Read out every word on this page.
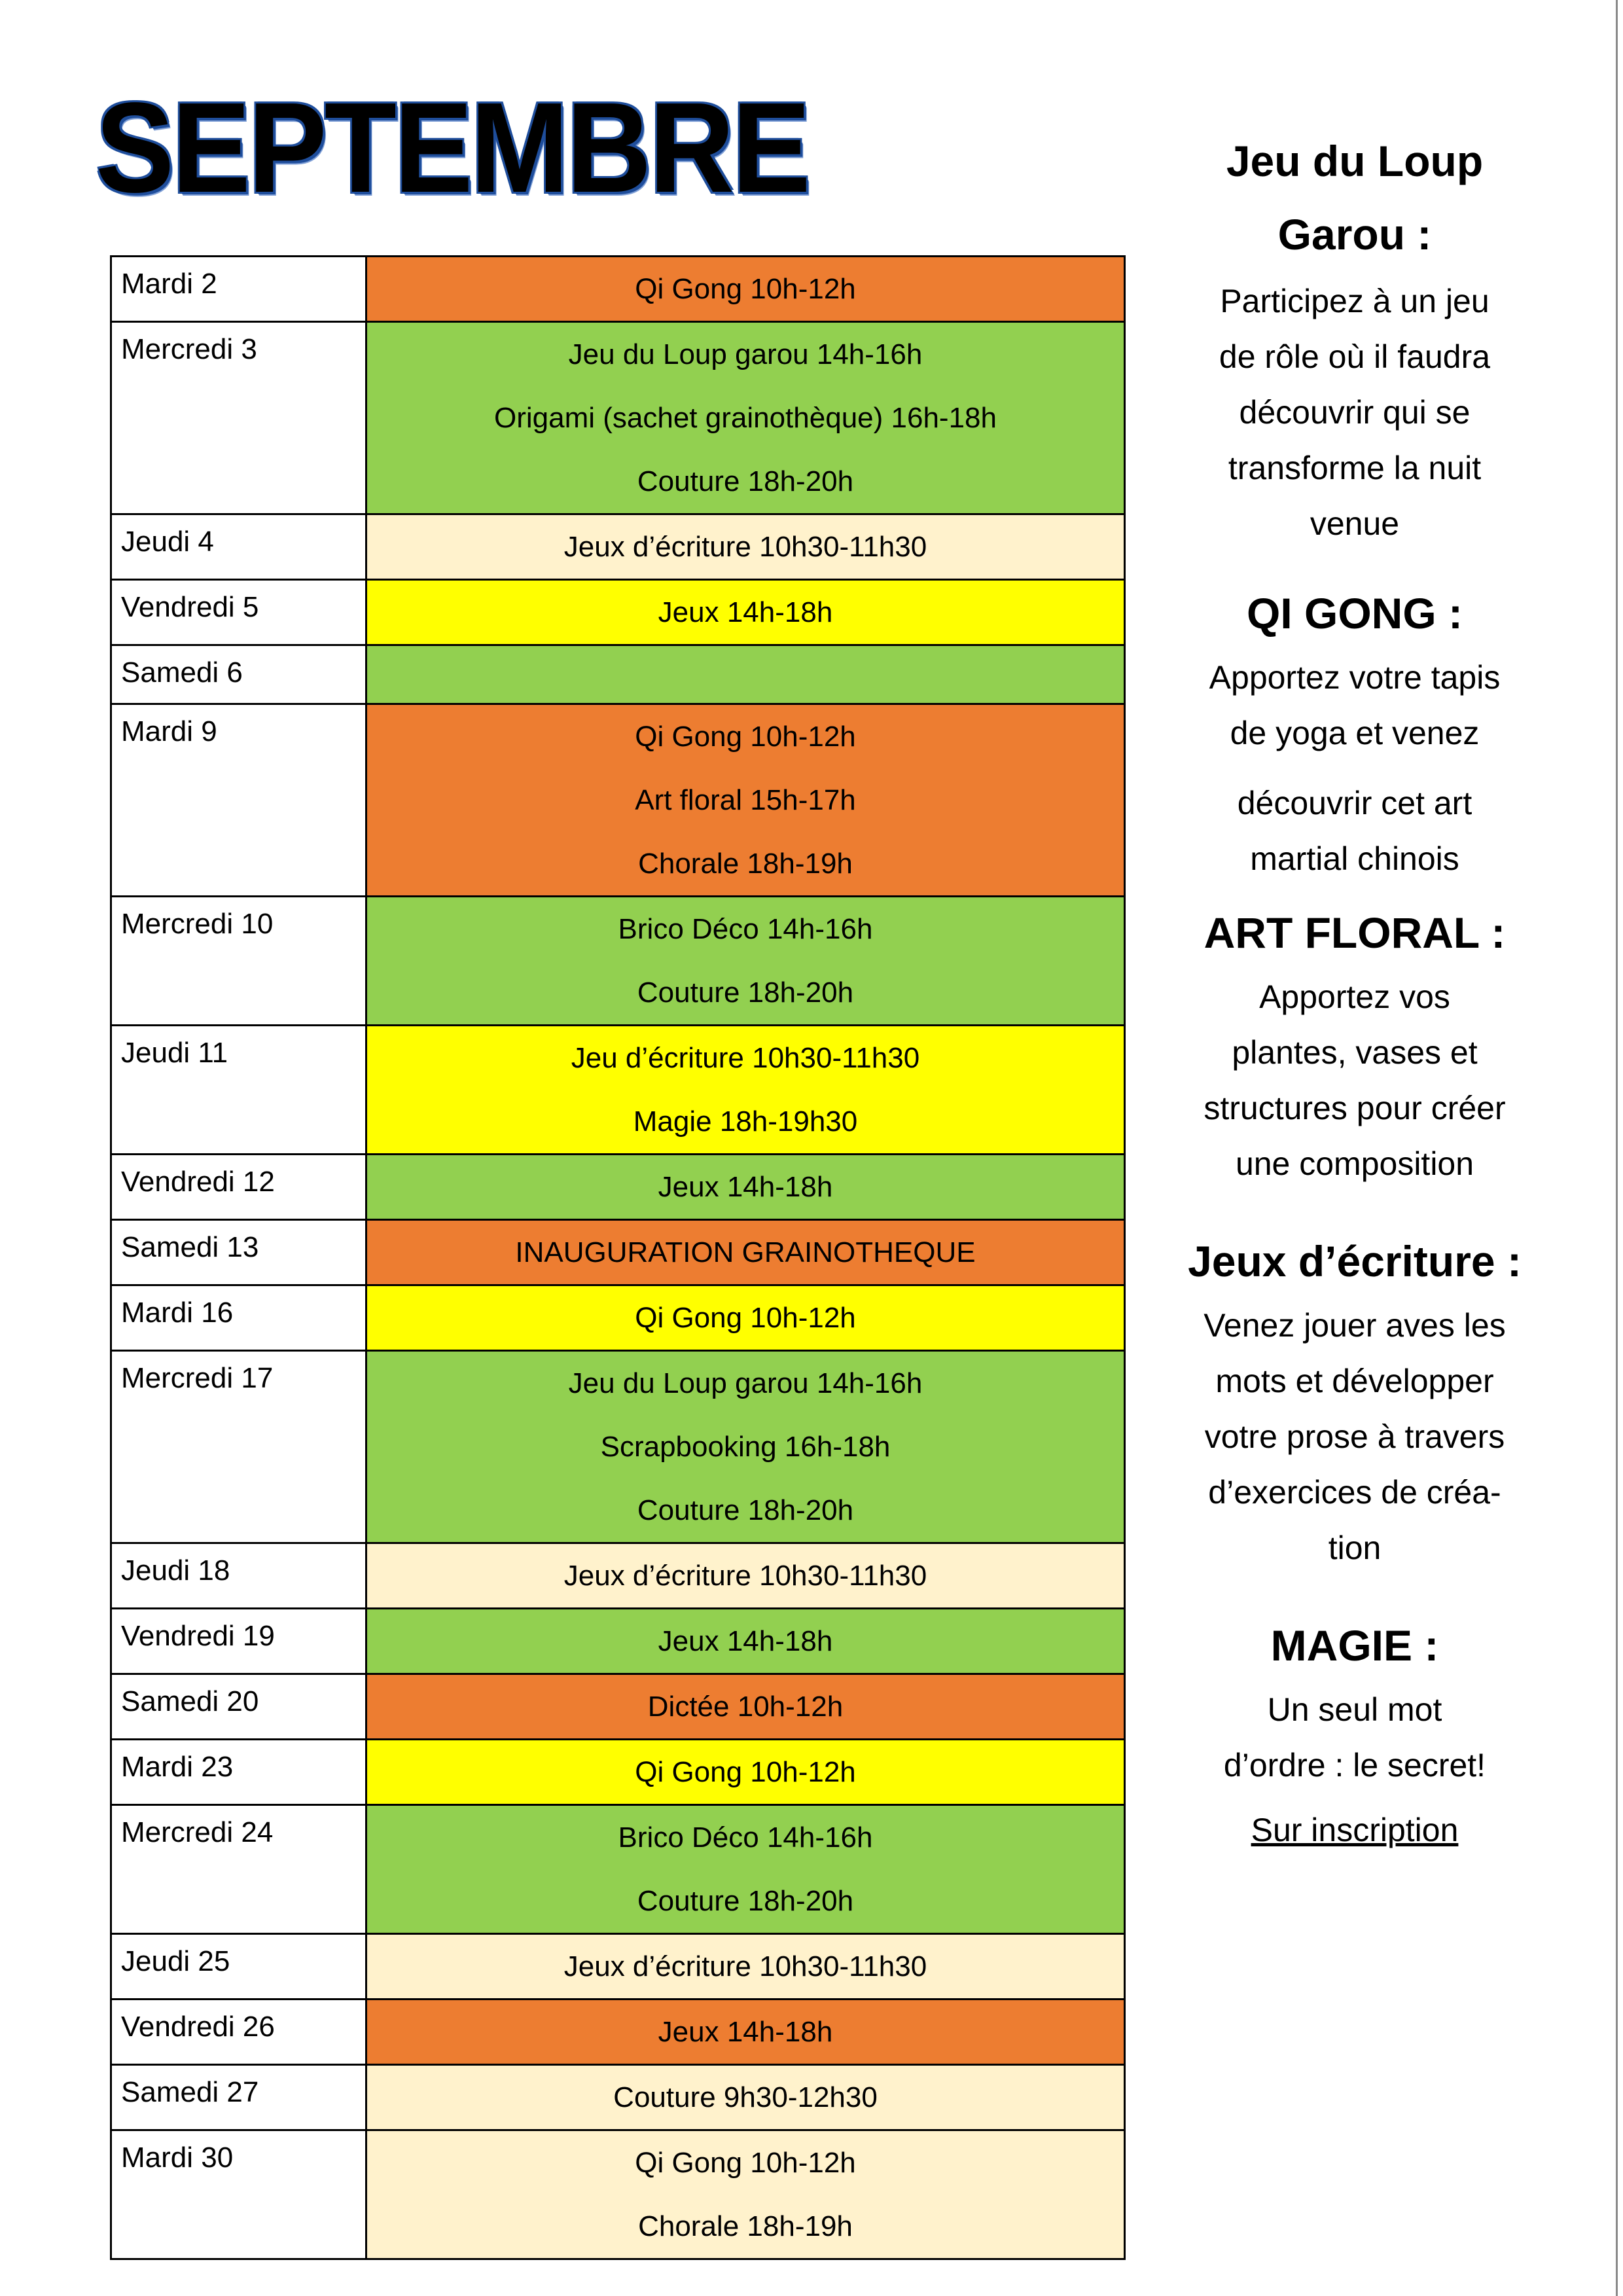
SEPTEMBRE
Mardi 2	Qi Gong 10h-12h

Mercredi 3	Jeu du Loup garou 14h-16h
Origami (sachet grainothèque) 16h-18h
Couture 18h-20h

Jeudi 4	Jeux d’écriture 10h30-11h30

Vendredi 5	Jeux 14h-18h

Samedi 6	

Mardi 9	Qi Gong 10h-12h
Art floral 15h-17h
Chorale 18h-19h

Mercredi 10	Brico Déco 14h-16h
Couture 18h-20h

Jeudi 11	Jeu d’écriture 10h30-11h30
Magie 18h-19h30

Vendredi 12	Jeux 14h-18h

Samedi 13	INAUGURATION GRAINOTHEQUE

Mardi 16	Qi Gong 10h-12h

Mercredi 17	Jeu du Loup garou 14h-16h
Scrapbooking 16h-18h
Couture 18h-20h

Jeudi 18	Jeux d’écriture 10h30-11h30

Vendredi 19	Jeux 14h-18h

Samedi 20	Dictée 10h-12h

Mardi 23	Qi Gong 10h-12h

Mercredi 24	Brico Déco 14h-16h
Couture 18h-20h

Jeudi 25	Jeux d’écriture 10h30-11h30

Vendredi 26	Jeux 14h-18h

Samedi 27	Couture 9h30-12h30

Mardi 30	Qi Gong 10h-12h
Chorale 18h-19h
Jeu du Loup
Garou :

Participez à un jeu

de rôle où il faudra

découvrir qui se

transforme la nuit

venue

QI GONG :

Apportez votre tapis

de yoga et venez

découvrir cet art

martial chinois

ART FLORAL :

Apportez vos

plantes, vases et

structures pour créer

une composition

Jeux d’écriture :

Venez jouer aves les

mots et développer

votre prose à travers

d’exercices de créa-

tion

MAGIE :

Un seul mot

d’ordre : le secret!

Sur inscription
